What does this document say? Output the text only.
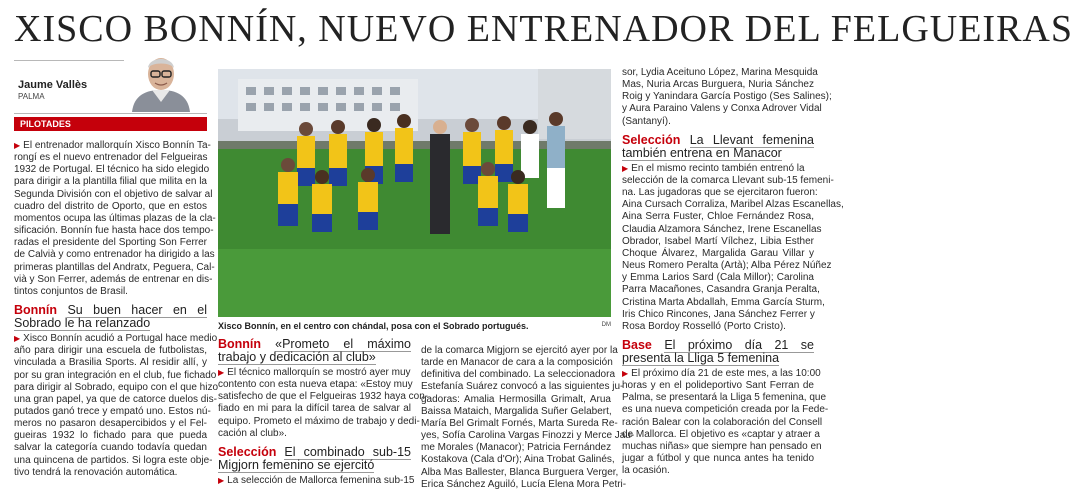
XISCO BONNÍN, NUEVO ENTRENADOR DEL FELGUEIRAS
Jaume Vallès
PALMA
PILOTADES

▶ El entrenador mallorquín Xisco Bonnín Ta-
rongí es el nuevo entrenador del Felgueiras
1932 de Portugal. El técnico ha sido elegido
para dirigir a la plantilla filial que milita en la
Segunda División con el objetivo de salvar al
cuadro del distrito de Oporto, que en estos
momentos ocupa las últimas plazas de la cla-
sificación. Bonnín fue hasta hace dos tempo-
radas el presidente del Sporting Son Ferrer
de Calvià y como entrenador ha dirigido a las
primeras plantillas del Andratx, Peguera, Cal-
vià y Son Ferrer, además de entrenar en dis-
tintos conjuntos de Brasil.

Bonnín Su buen hacer en el Sobrado le ha relanzado

▶ Xisco Bonnín acudió a Portugal hace medio
año para dirigir una escuela de futbolistas,
vinculada a Brasilia Sports. Al residir allí, y
por su gran integración en el club, fue fichado
para dirigir al Sobrado, equipo con el que hizo
una gran papel, ya que de catorce duelos dis-
putados ganó trece y empató uno. Estos nú-
meros no pasaron desapercibidos y el Fel-
gueiras 1932 lo fichado para que pueda
salvar la categoría cuando todavía quedan
una quincena de partidos. Si logra este obje-
tivo tendrá la renovación automática.

Xisco Bonnín, en el centro con chándal, posa con el Sobrado portugués.	DM
Bonnín «Prometo el máximo trabajo y dedicación al club»

▶ El técnico mallorquín se mostró ayer muy
contento con esta nueva etapa: «Estoy muy
satisfecho de que el Felgueiras 1932 haya con-
fiado en mi para la difícil tarea de salvar al
equipo. Prometo el máximo de trabajo y dedi-
cación al club».

Selección El combinado sub-15 Migjorn femenino se ejercitó

▶ La selección de Mallorca femenina sub-15

de la comarca Migjorn se ejercitó ayer por la
tarde en Manacor de cara a la composición
definitiva del combinado. La seleccionadora
Estefanía Suárez convocó a las siguientes ju-
gadoras: Amalia Hermosilla Grimalt, Arua
Baissa Mataich, Margalida Suñer Gelabert,
María Bel Grimalt Fornés, Marta Sureda Re-
yes, Sofía Carolina Vargas Finozzi y Merce Jau-
me Morales (Manacor); Patricia Fernández
Kostakova (Cala d'Or); Aina Trobat Galinés,
Alba Mas Ballester, Blanca Burguera Verger,
Erica Sánchez Aguiló, Lucía Elena Mora Petri-

sor, Lydia Aceituno López, Marina Mesquida
Mas, Nuria Arcas Burguera, Nuria Sánchez
Roig y Yanindara García Postigo (Ses Salines);
y Aura Paraino Valens y Conxa Adrover Vidal
(Santanyí).

Selección La Llevant femenina también entrena en Manacor

▶ En el mismo recinto también entrenó la
selección de la comarca Llevant sub-15 femeni-
na. Las jugadoras que se ejercitaron fueron:
Aina Cursach Corraliza, Maribel Alzas Escanellas,
Aina Serra Fuster, Chloe Fernández Rosa,
Claudia Alzamora Sánchez, Irene Escanellas
Obrador, Isabel Martí Vílchez, Libia Esther
Choque Álvarez, Margalida Garau Villar y
Neus Romero Peralta (Artà); Alba Pérez Núñez
y Emma Larios Sard (Cala Millor); Carolina
Parra Macañones, Casandra Granja Peralta,
Cristina Marta Abdallah, Emma García Sturm,
Iris Chico Rincones, Jana Sánchez Ferrer y
Rosa Bordoy Rosselló (Porto Cristo).

Base El próximo día 21 se presenta la Lliga 5 femenina

▶ El próximo día 21 de este mes, a las 10:00
horas y en el polideportivo Sant Ferran de
Palma, se presentará la Lliga 5 femenina, que
es una nueva competición creada por la Fede-
ración Balear con la colaboración del Consell
de Mallorca. El objetivo es «captar y atraer a
muchas niñas» que siempre han pensado en
jugar a fútbol y que nunca antes ha tenido
la ocasión.
